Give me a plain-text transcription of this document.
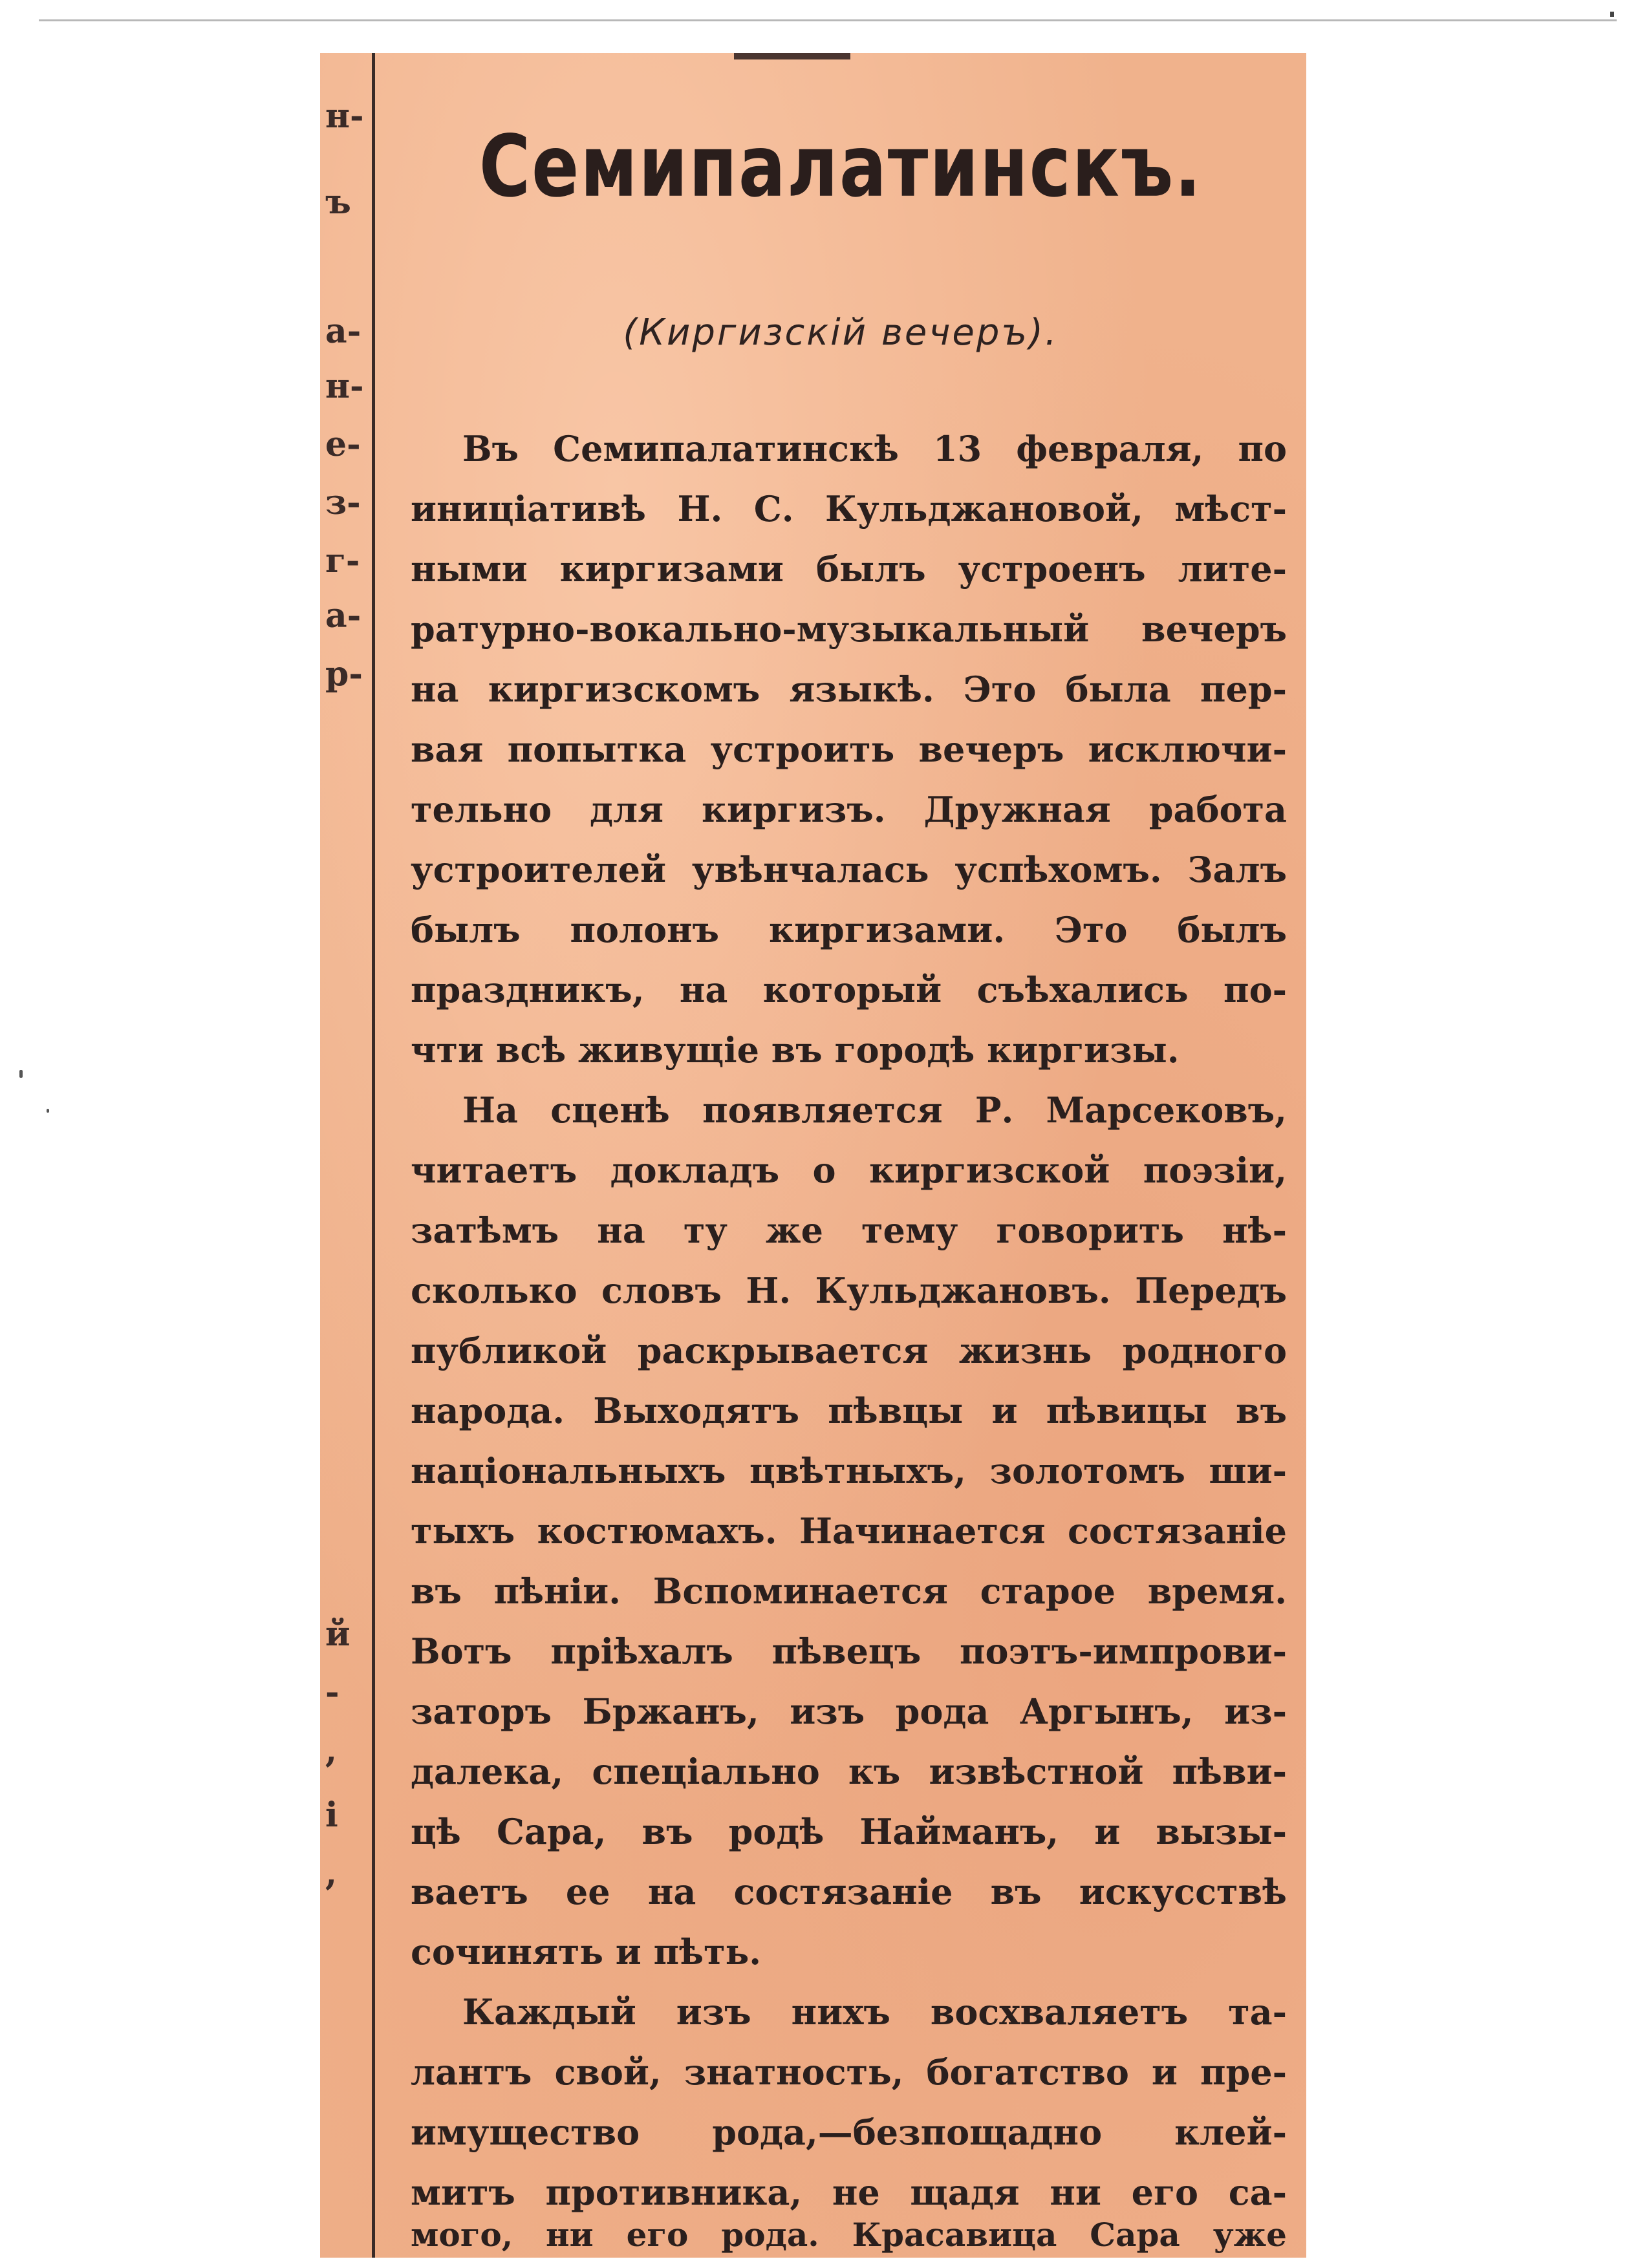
н-
ъ
а-
н-
е-
з-
г-
а-
р-
й
-
,
і
,
Семипалатинскъ.
(Киргизскiй вечеръ).
Въ Семипалатинскѣ 13 февраля, по
иниціативѣ Н. С. Кульджановой, мѣст-
ными киргизами былъ устроенъ лите-
ратурно-вокально-музыкальный вечеръ
на киргизскомъ языкѣ. Это была пер-
вая попытка устроить вечеръ исключи-
тельно для киргизъ. Дружная работа
устроителей увѣнчалась успѣхомъ. Залъ
былъ полонъ киргизами. Это былъ
праздникъ, на который съѣхались по-
чти всѣ живущіе въ городѣ киргизы.
На сценѣ появляется Р. Марсековъ,
читаетъ докладъ о киргизской поэзіи,
затѣмъ на ту же тему говорить нѣ-
сколько словъ Н. Кульджановъ. Передъ
публикой раскрывается жизнь родного
народа. Выходятъ пѣвцы и пѣвицы въ
національныхъ цвѣтныхъ, золотомъ ши-
тыхъ костюмахъ. Начинается состязаніе
въ пѣніи. Вспоминается старое время.
Вотъ пріѣхалъ пѣвецъ поэтъ-импрови-
заторъ Бржанъ, изъ рода Аргынъ, из-
далека, спеціально къ извѣстной пѣви-
цѣ Сара, въ родѣ Найманъ, и вызы-
ваетъ ее на состязаніе въ искусствѣ
сочинять и пѣть.
Каждый изъ нихъ восхваляетъ та-
лантъ свой, знатность, богатство и пре-
имущество рода,—безпощадно клей-
митъ противника, не щадя ни его са-
мого, ни его рода. Красавица Сара уже
